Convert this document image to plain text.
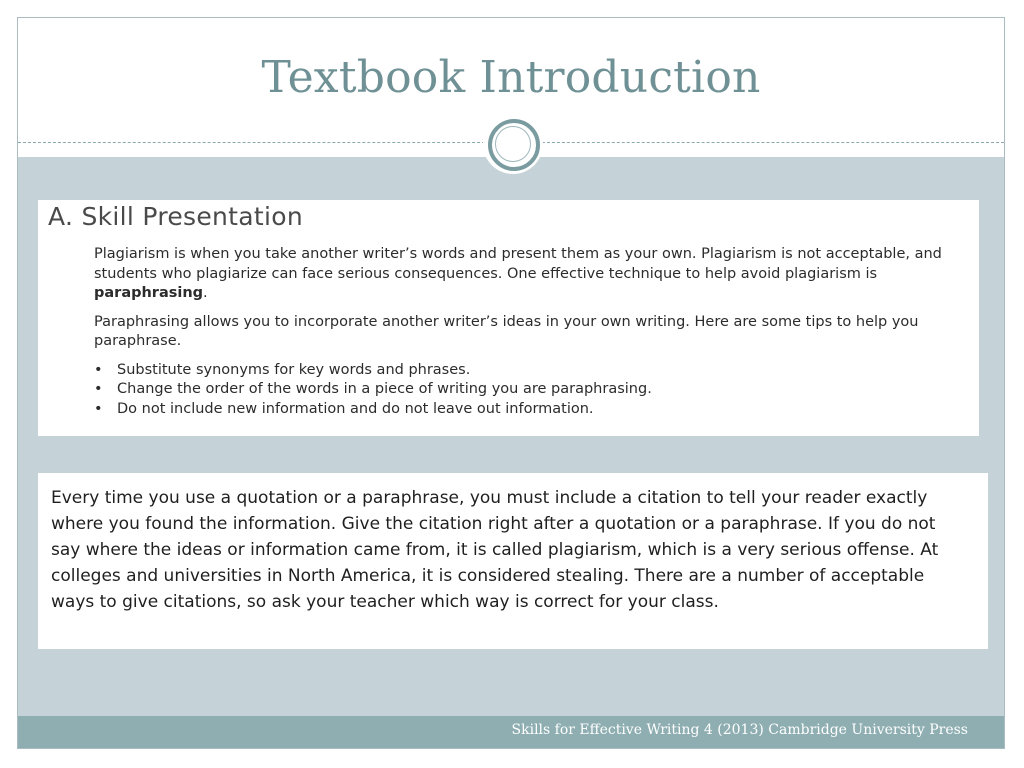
Textbook Introduction
A. Skill Presentation

Plagiarism is when you take another writer’s words and present them as your own. Plagiarism is not acceptable, and students who plagiarize can face serious consequences. One effective technique to help avoid plagiarism is paraphrasing.

Paraphrasing allows you to incorporate another writer’s ideas in your own writing. Here are some tips to help you paraphrase.

• Substitute synonyms for key words and phrases.
• Change the order of the words in a piece of writing you are paraphrasing.
• Do not include new information and do not leave out information.
Every time you use a quotation or a paraphrase, you must include a citation to tell your reader exactly where you found the information. Give the citation right after a quotation or a paraphrase. If you do not say where the ideas or information came from, it is called plagiarism, which is a very serious offense. At colleges and universities in North America, it is considered stealing. There are a number of acceptable ways to give citations, so ask your teacher which way is correct for your class.
Skills for Effective Writing 4 (2013) Cambridge University Press
